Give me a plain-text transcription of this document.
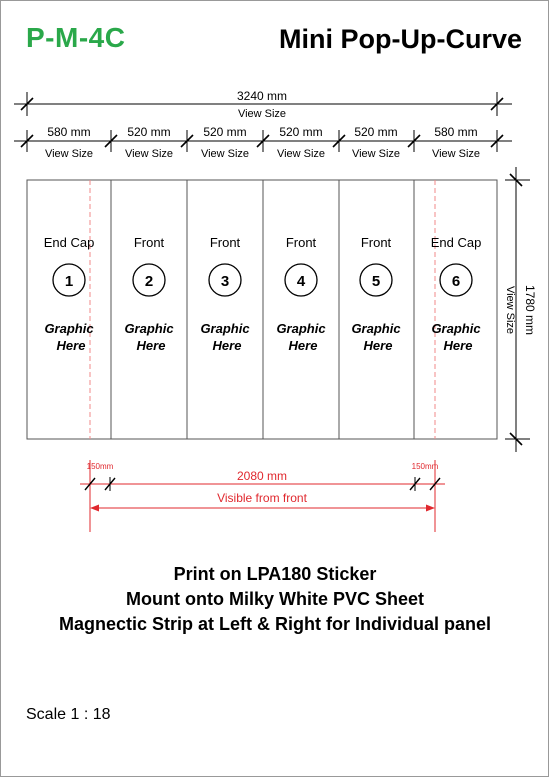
P-M-4C	Mini Pop-Up-Curve
3240 mm
View Size
580 mm
View Size
520 mm
View Size
520 mm
View Size
520 mm
View Size
520 mm
View Size
580 mm
View Size
End Cap
1
Graphic
Here
Front
2
Graphic
Here
Front
3
Graphic
Here
Front
4
Graphic
Here
Front
5
Graphic
Here
End Cap
6
Graphic
Here
1780 mm
View Size
150mm	150mm
2080 mm
Visible from front
Print on LPA180 Sticker
Mount onto Milky White PVC Sheet
Magnectic Strip at Left & Right for Individual panel
Scale 1 : 18
